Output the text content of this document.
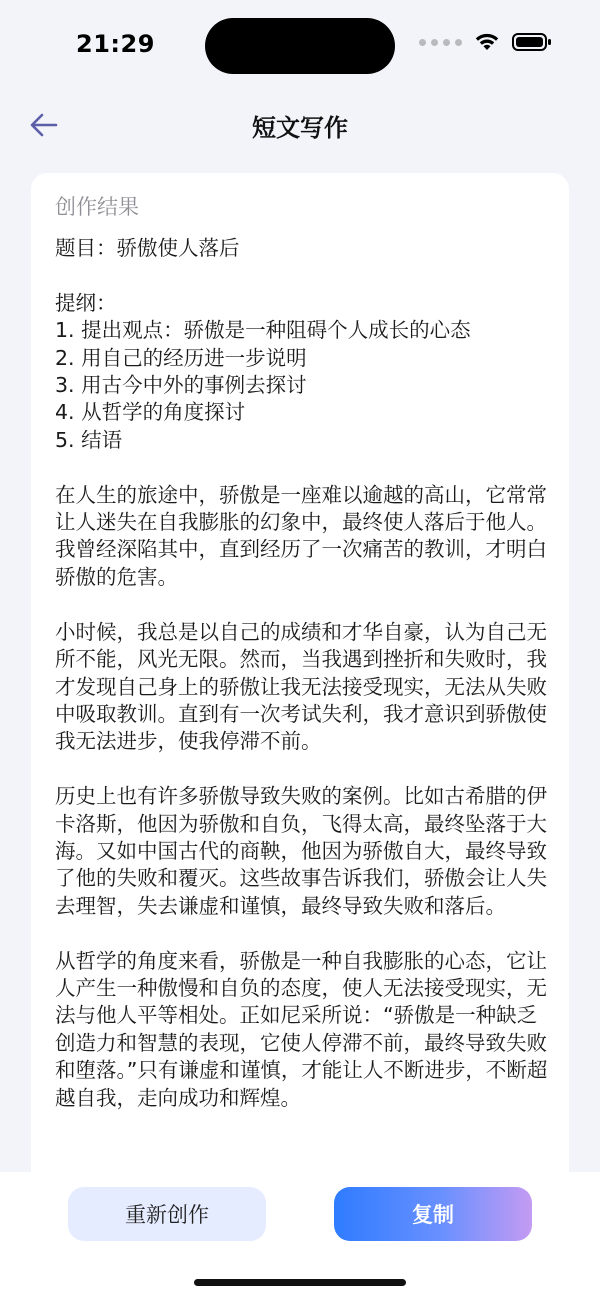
21:29
短文写作
创作结果
题目：骄傲使人落后

提纲：
1. 提出观点：骄傲是一种阻碍个人成长的心态
2. 用自己的经历进一步说明
3. 用古今中外的事例去探讨
4. 从哲学的角度探讨
5. 结语

在人生的旅途中，骄傲是一座难以逾越的高山，它常常让人迷失在自我膨胀的幻象中，最终使人落后于他人。我曾经深陷其中，直到经历了一次痛苦的教训，才明白骄傲的危害。

小时候，我总是以自己的成绩和才华自豪，认为自己无所不能，风光无限。然而，当我遇到挫折和失败时，我才发现自己身上的骄傲让我无法接受现实，无法从失败中吸取教训。直到有一次考试失利，我才意识到骄傲使我无法进步，使我停滞不前。

历史上也有许多骄傲导致失败的案例。比如古希腊的伊卡洛斯，他因为骄傲和自负，飞得太高，最终坠落于大海。又如中国古代的商鞅，他因为骄傲自大，最终导致了他的失败和覆灭。这些故事告诉我们，骄傲会让人失去理智，失去谦虚和谨慎，最终导致失败和落后。

从哲学的角度来看，骄傲是一种自我膨胀的心态，它让人产生一种傲慢和自负的态度，使人无法接受现实，无法与他人平等相处。正如尼采所说：“骄傲是一种缺乏创造力和智慧的表现，它使人停滞不前，最终导致失败和堕落。”只有谦虚和谨慎，才能让人不断进步，不断超越自我，走向成功和辉煌。
重新创作	复制
